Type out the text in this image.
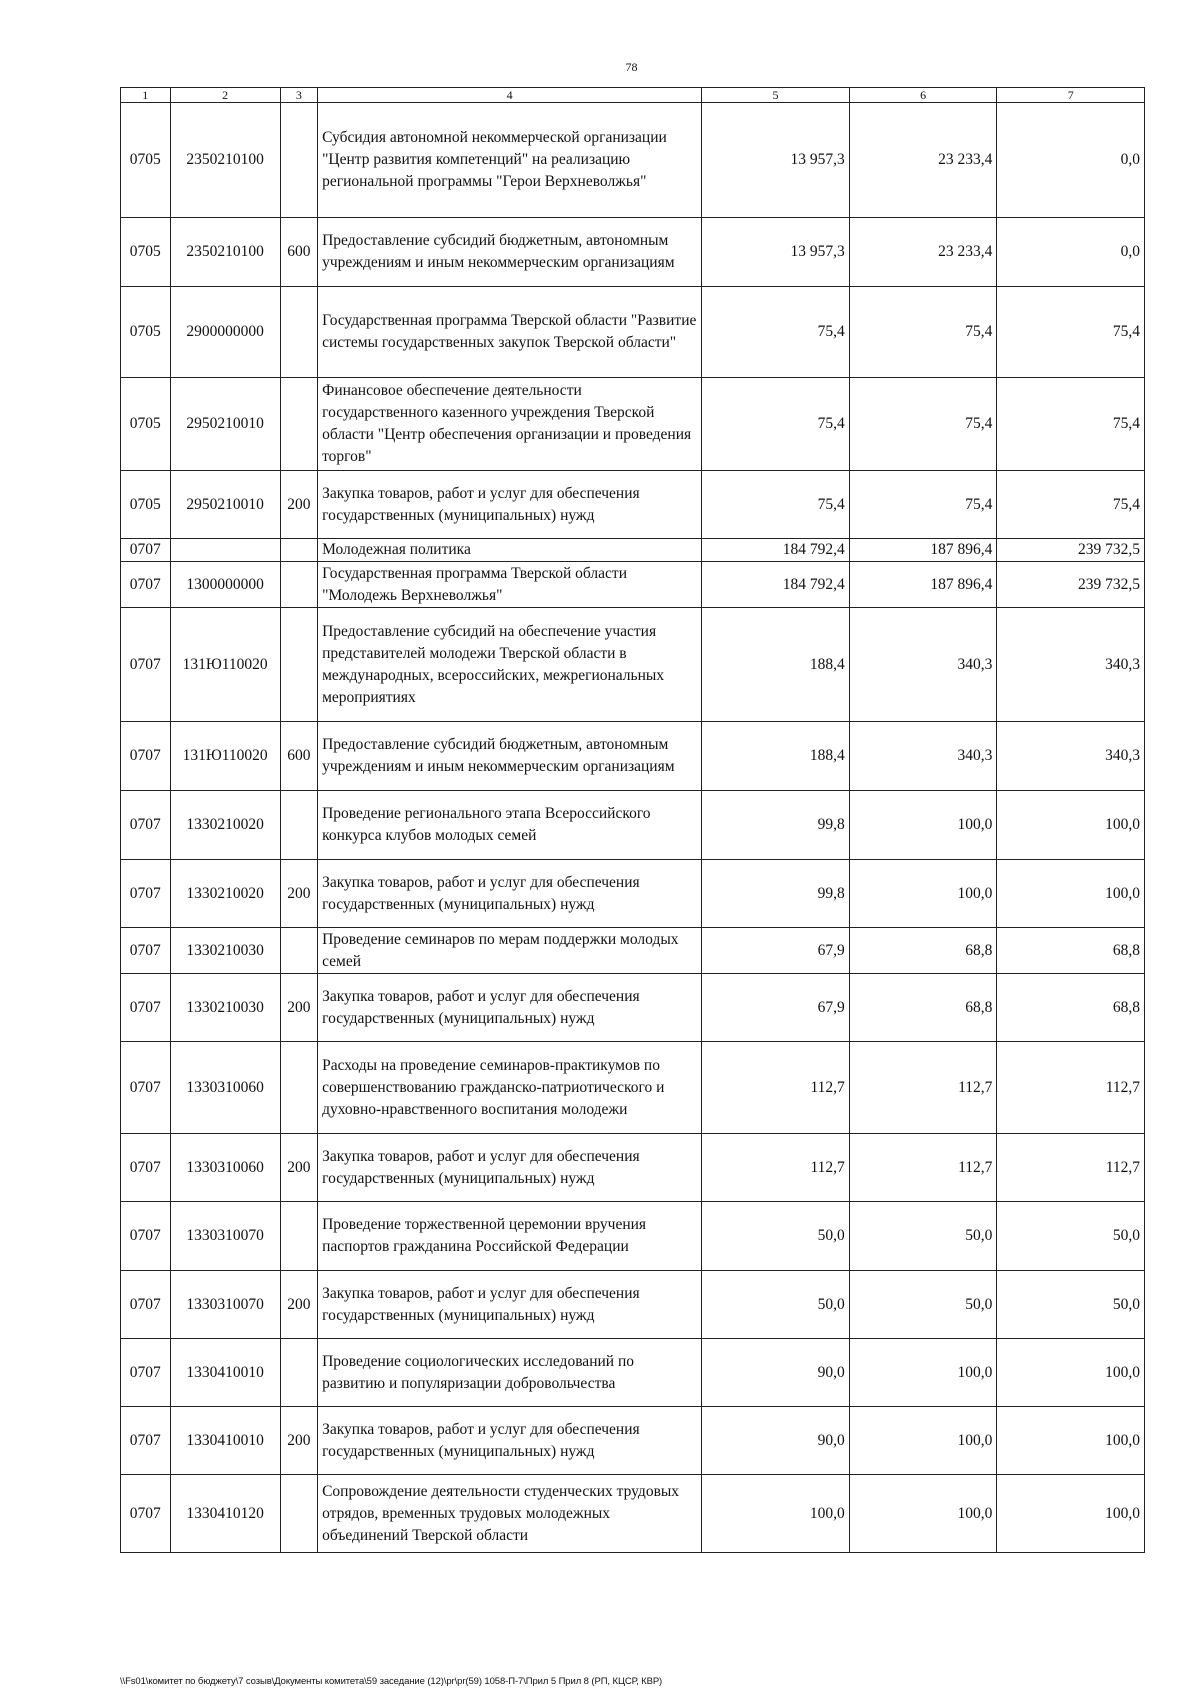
78
1	2	3	4	5	6	7
0705	2350210100		Субсидия автономной некоммерческой организации "Центр развития компетенций" на реализацию региональной программы "Герои Верхневолжья"	13 957,3	23 233,4	0,0
0705	2350210100	600	Предоставление субсидий бюджетным, автономным учреждениям и иным некоммерческим организациям	13 957,3	23 233,4	0,0
0705	2900000000		Государственная программа Тверской области "Развитие системы государственных закупок Тверской области"	75,4	75,4	75,4
0705	2950210010		Финансовое обеспечение деятельности государственного казенного учреждения Тверской области "Центр обеспечения организации и проведения торгов"	75,4	75,4	75,4
0705	2950210010	200	Закупка товаров, работ и услуг для обеспечения государственных (муниципальных) нужд	75,4	75,4	75,4
0707			Молодежная политика	184 792,4	187 896,4	239 732,5
0707	1300000000		Государственная программа Тверской области "Молодежь Верхневолжья"	184 792,4	187 896,4	239 732,5
0707	131Ю110020		Предоставление субсидий на обеспечение участия представителей молодежи Тверской области в международных, всероссийских, межрегиональных мероприятиях	188,4	340,3	340,3
0707	131Ю110020	600	Предоставление субсидий бюджетным, автономным учреждениям и иным некоммерческим организациям	188,4	340,3	340,3
0707	1330210020		Проведение регионального этапа Всероссийского конкурса клубов молодых семей	99,8	100,0	100,0
0707	1330210020	200	Закупка товаров, работ и услуг для обеспечения государственных (муниципальных) нужд	99,8	100,0	100,0
0707	1330210030		Проведение семинаров по мерам поддержки молодых семей	67,9	68,8	68,8
0707	1330210030	200	Закупка товаров, работ и услуг для обеспечения государственных (муниципальных) нужд	67,9	68,8	68,8
0707	1330310060		Расходы на проведение семинаров-практикумов по совершенствованию гражданско-патриотического и духовно-нравственного воспитания молодежи	112,7	112,7	112,7
0707	1330310060	200	Закупка товаров, работ и услуг для обеспечения государственных (муниципальных) нужд	112,7	112,7	112,7
0707	1330310070		Проведение торжественной церемонии вручения паспортов гражданина Российской Федерации	50,0	50,0	50,0
0707	1330310070	200	Закупка товаров, работ и услуг для обеспечения государственных (муниципальных) нужд	50,0	50,0	50,0
0707	1330410010		Проведение социологических исследований по развитию и популяризации добровольчества	90,0	100,0	100,0
0707	1330410010	200	Закупка товаров, работ и услуг для обеспечения государственных (муниципальных) нужд	90,0	100,0	100,0
0707	1330410120		Сопровождение деятельности студенческих трудовых отрядов, временных трудовых молодежных объединений Тверской области	100,0	100,0	100,0
\\Fs01\комитет по бюджету\7 созыв\Документы комитета\59 заседание (12)\pr\pr(59) 1058-П-7\Прил 5 Прил 8 (РП, КЦСР, КВР)
